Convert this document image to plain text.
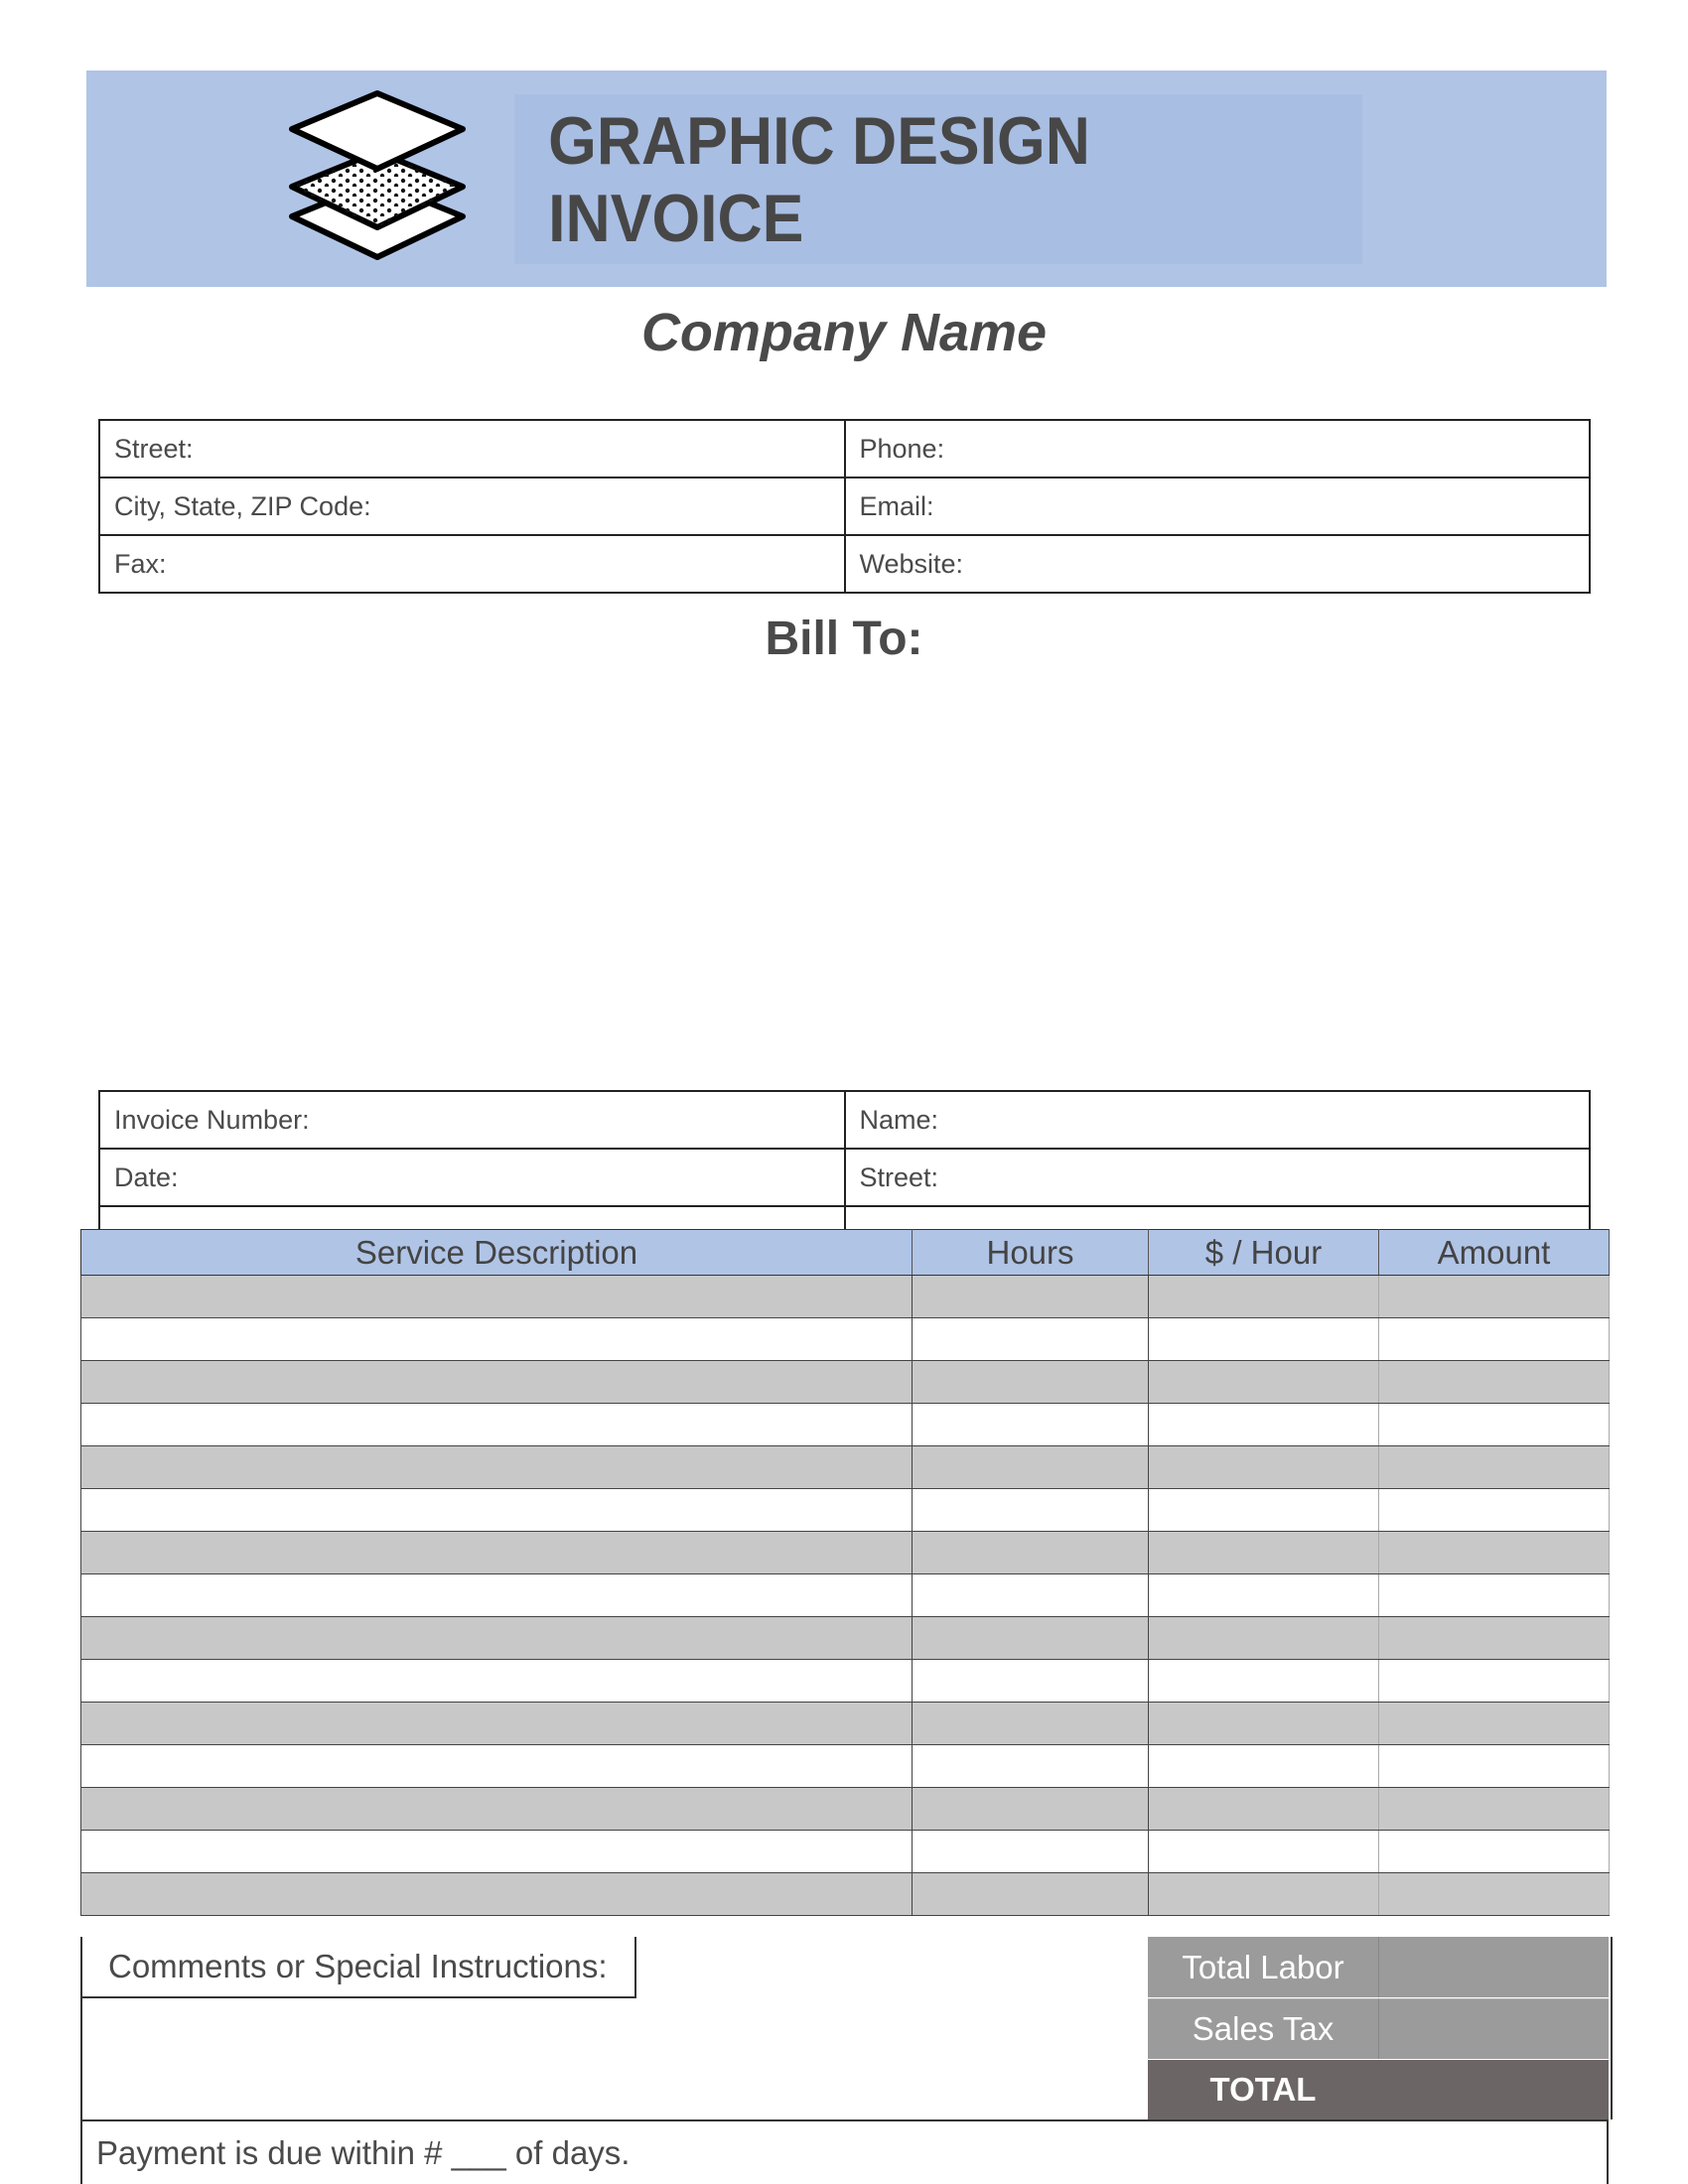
GRAPHIC DESIGN INVOICE
Company Name
Street:	Phone:
City, State, ZIP Code:	Email:
Fax:	Website:
Bill To:
Invoice Number:	Name:
Date:	Street:

Service Description	Hours	$ / Hour	Amount

Comments or Special Instructions:	Total Labor
Sales Tax
TOTAL
Payment is due within # ___ of days.
